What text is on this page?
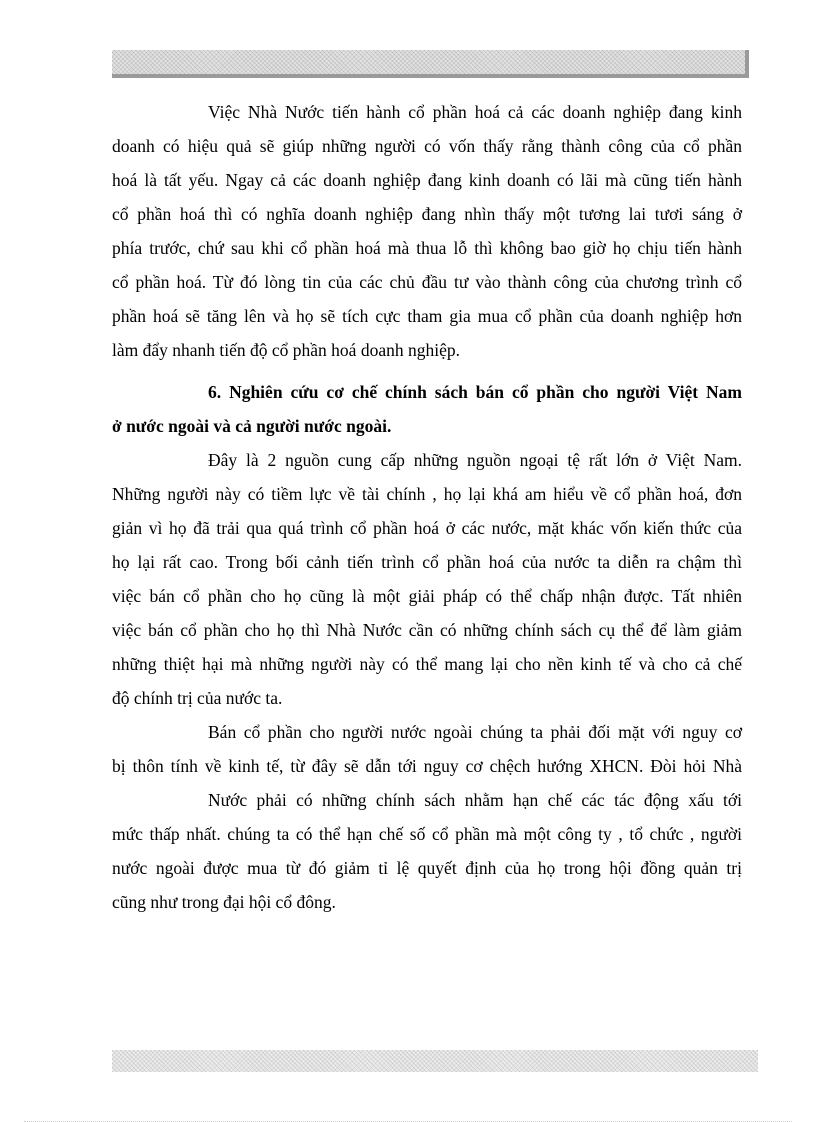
Việc Nhà Nước tiến hành cổ phần hoá cả các doanh nghiệp đang kinh
doanh có hiệu quả sẽ giúp những người có vốn thấy rằng thành công của cổ phần
hoá là tất yếu. Ngay cả các doanh nghiệp đang kinh doanh có lãi mà cũng tiến hành
cổ phần hoá thì có nghĩa doanh nghiệp đang nhìn thấy một tương lai tươi sáng ở
phía trước, chứ sau khi cổ phần hoá mà thua lỗ thì không bao giờ họ chịu tiến hành
cổ phần hoá. Từ đó lòng tin của các chủ đầu tư vào thành công của chương trình cổ
phần hoá sẽ tăng lên và họ sẽ tích cực tham gia mua cổ phần của doanh nghiệp hơn
làm đẩy nhanh tiến độ cổ phần hoá doanh nghiệp.
6. Nghiên cứu cơ chế chính sách bán cổ phần cho người Việt Nam
ở nước ngoài và cả người nước ngoài.
Đây là 2 nguồn cung cấp những nguồn ngoại tệ rất lớn ở Việt Nam.
Những người này có tiềm lực về tài chính , họ lại khá am hiểu về cổ phần hoá, đơn
giản vì họ đã trải qua quá trình cổ phần hoá ở các nước, mặt khác vốn kiến thức của
họ lại rất cao. Trong bối cảnh tiến trình cổ phần hoá của nước ta diễn ra chậm thì
việc bán cổ phần cho họ cũng là một giải pháp có thể chấp nhận được. Tất nhiên
việc bán cổ phần cho họ thì Nhà Nước cần có những chính sách cụ thể để làm giảm
những thiệt hại mà những người này có thể mang lại cho nền kinh tế và cho cả chế
độ chính trị của nước ta.
Bán cổ phần cho người nước ngoài chúng ta phải đối mặt với nguy cơ
bị thôn tính về kinh tế, từ đây sẽ dẫn tới nguy cơ chệch hướng XHCN. Đòi hỏi Nhà
Nước phải có những chính sách nhằm hạn chế các tác động xấu tới
mức thấp nhất. chúng ta có thể hạn chế số cổ phần mà một công ty , tổ chức , người
nước ngoài được mua từ đó giảm tỉ lệ quyết định của họ trong hội đồng quản trị
cũng như trong đại hội cổ đông.
